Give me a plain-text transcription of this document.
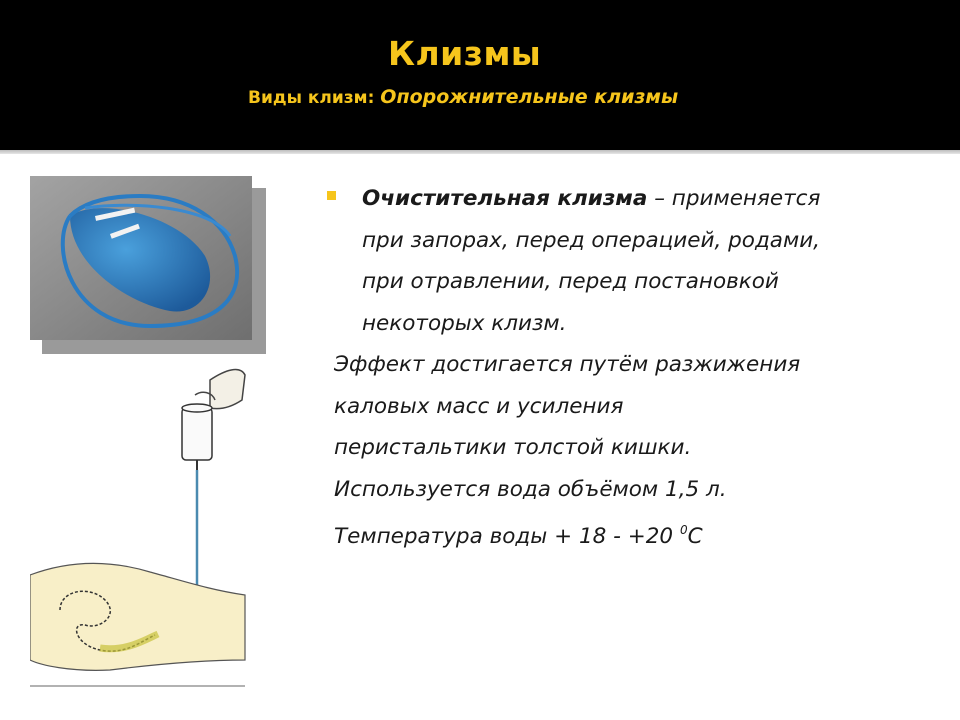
Клизмы
Виды клизм: Опорожнительные клизмы
Очистительная клизма – применяется
при запорах, перед операцией, родами,
при отравлении, перед постановкой
некоторых клизм.
Эффект достигается путём разжижения
каловых масс и усиления
перистальтики толстой кишки.
Используется вода объёмом 1,5 л.
Температура воды + 18 - +20 $^0$С
